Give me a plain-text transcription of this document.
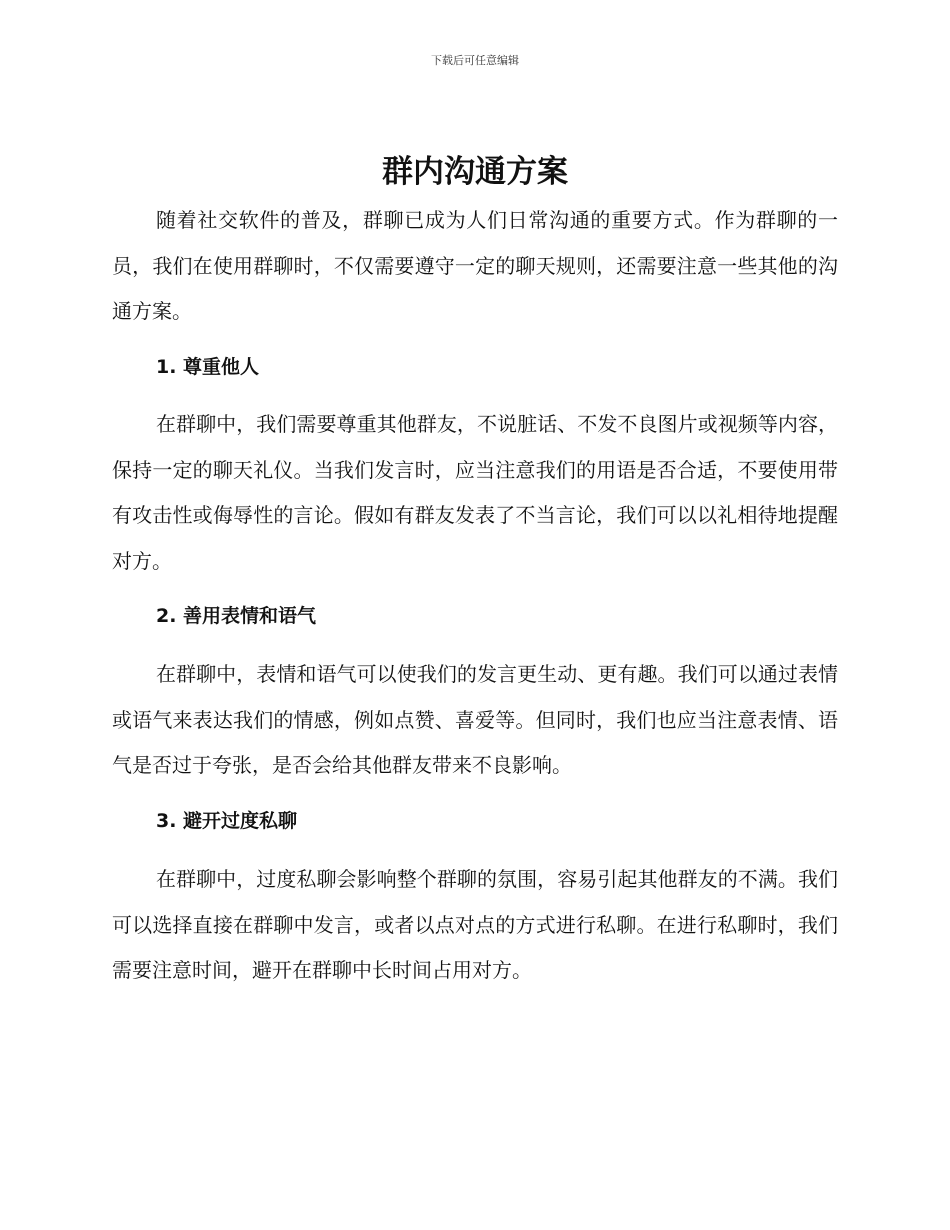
下载后可任意编辑
群内沟通方案

随着社交软件的普及，群聊已成为人们日常沟通的重要方式。作为群聊的一员，我们在使用群聊时，不仅需要遵守一定的聊天规则，还需要注意一些其他的沟通方案。

1. 尊重他人

在群聊中，我们需要尊重其他群友，不说脏话、不发不良图片或视频等内容，保持一定的聊天礼仪。当我们发言时，应当注意我们的用语是否合适，不要使用带有攻击性或侮辱性的言论。假如有群友发表了不当言论，我们可以以礼相待地提醒对方。

2. 善用表情和语气

在群聊中，表情和语气可以使我们的发言更生动、更有趣。我们可以通过表情或语气来表达我们的情感，例如点赞、喜爱等。但同时，我们也应当注意表情、语气是否过于夸张，是否会给其他群友带来不良影响。

3. 避开过度私聊

在群聊中，过度私聊会影响整个群聊的氛围，容易引起其他群友的不满。我们可以选择直接在群聊中发言，或者以点对点的方式进行私聊。在进行私聊时，我们需要注意时间，避开在群聊中长时间占用对方。
